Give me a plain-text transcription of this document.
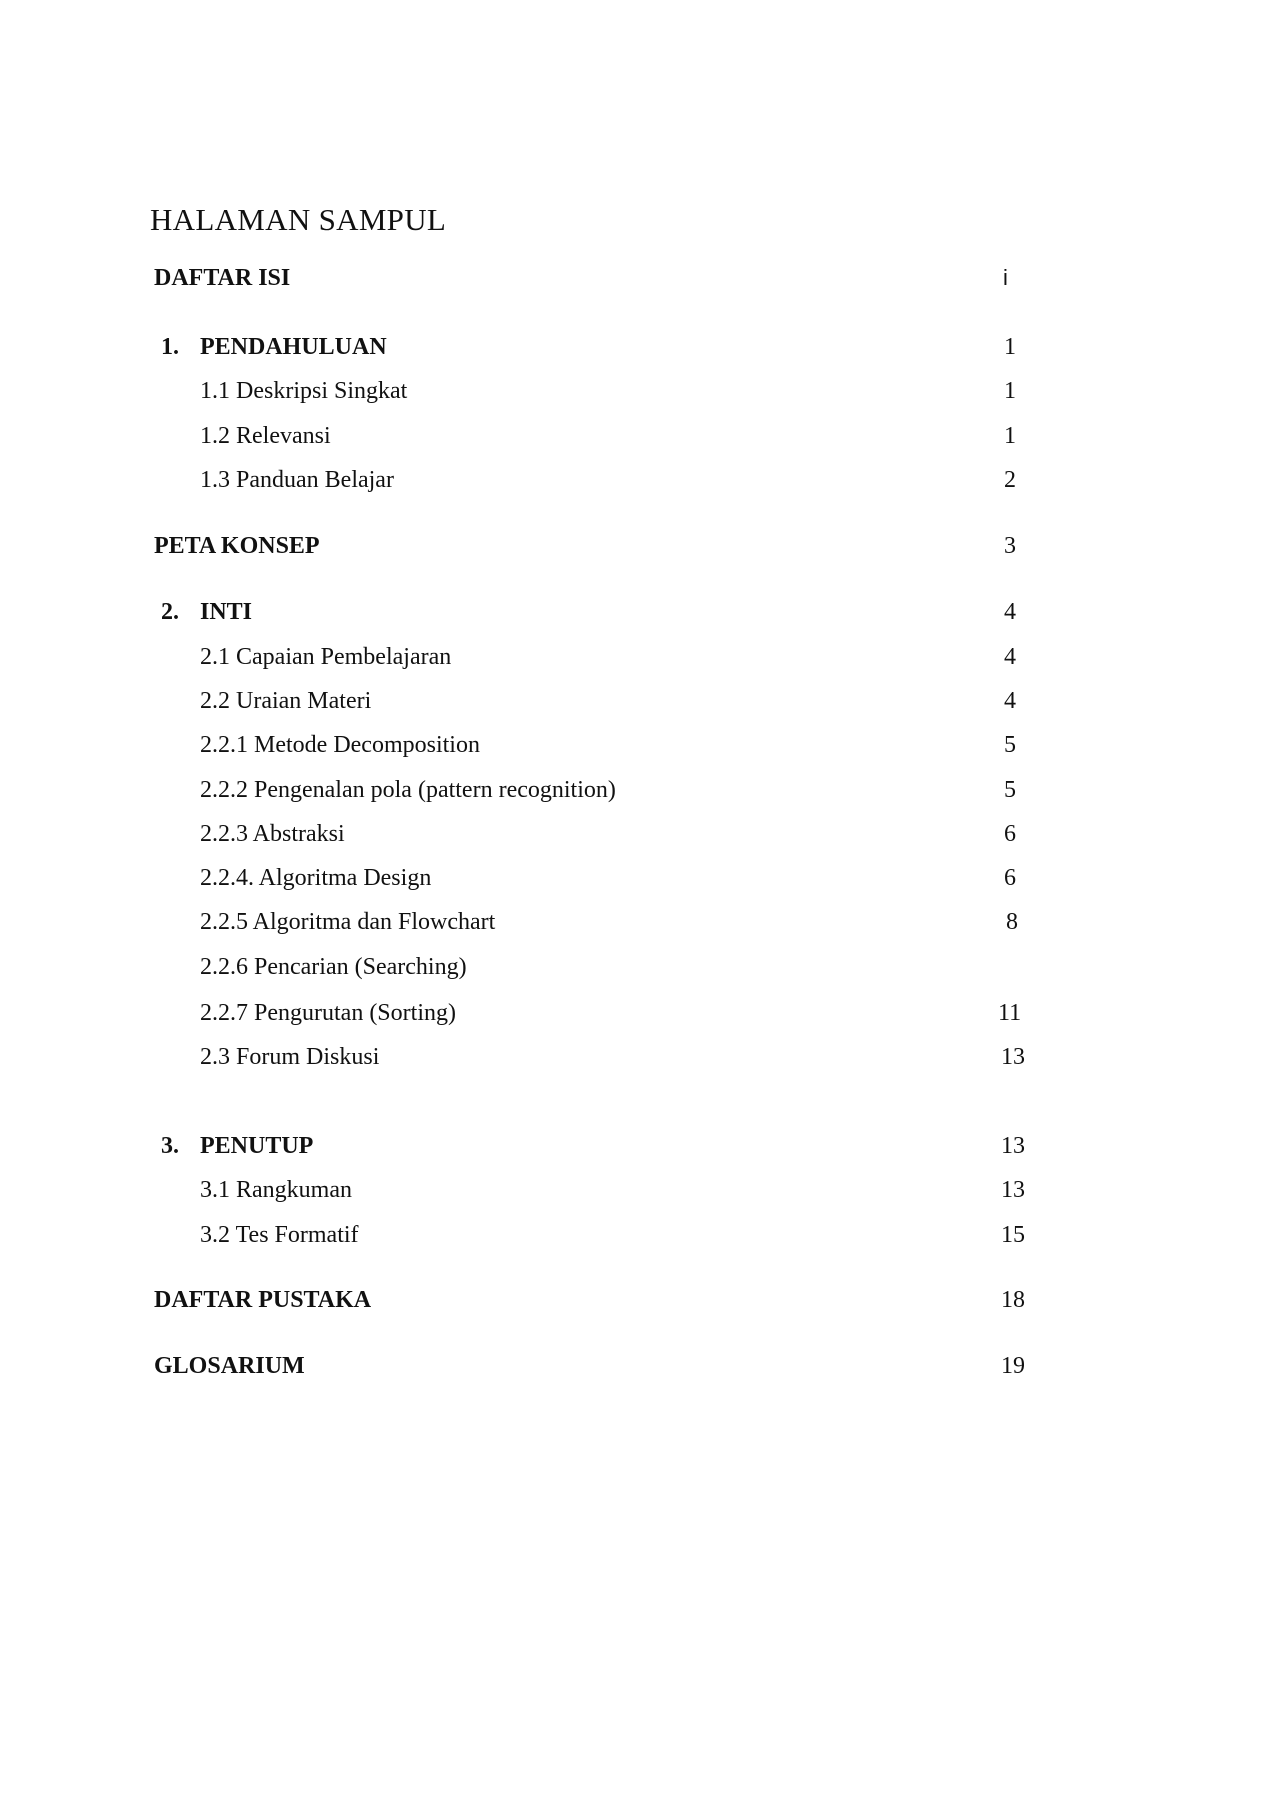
HALAMAN SAMPUL
DAFTAR ISI	i
1. PENDAHULUAN	1
1.1 Deskripsi Singkat	1
1.2 Relevansi	1
1.3 Panduan Belajar	2
PETA KONSEP	3
2. INTI	4
2.1 Capaian Pembelajaran	4
2.2 Uraian Materi	4
2.2.1 Metode Decomposition	5
2.2.2 Pengenalan pola (pattern recognition)	5
2.2.3 Abstraksi	6
2.2.4. Algoritma Design	6
2.2.5 Algoritma dan Flowchart	8
2.2.6 Pencarian (Searching)
2.2.7 Pengurutan (Sorting)	11
2.3 Forum Diskusi	13
3. PENUTUP	13
3.1 Rangkuman	13
3.2 Tes Formatif	15
DAFTAR PUSTAKA	18
GLOSARIUM	19
